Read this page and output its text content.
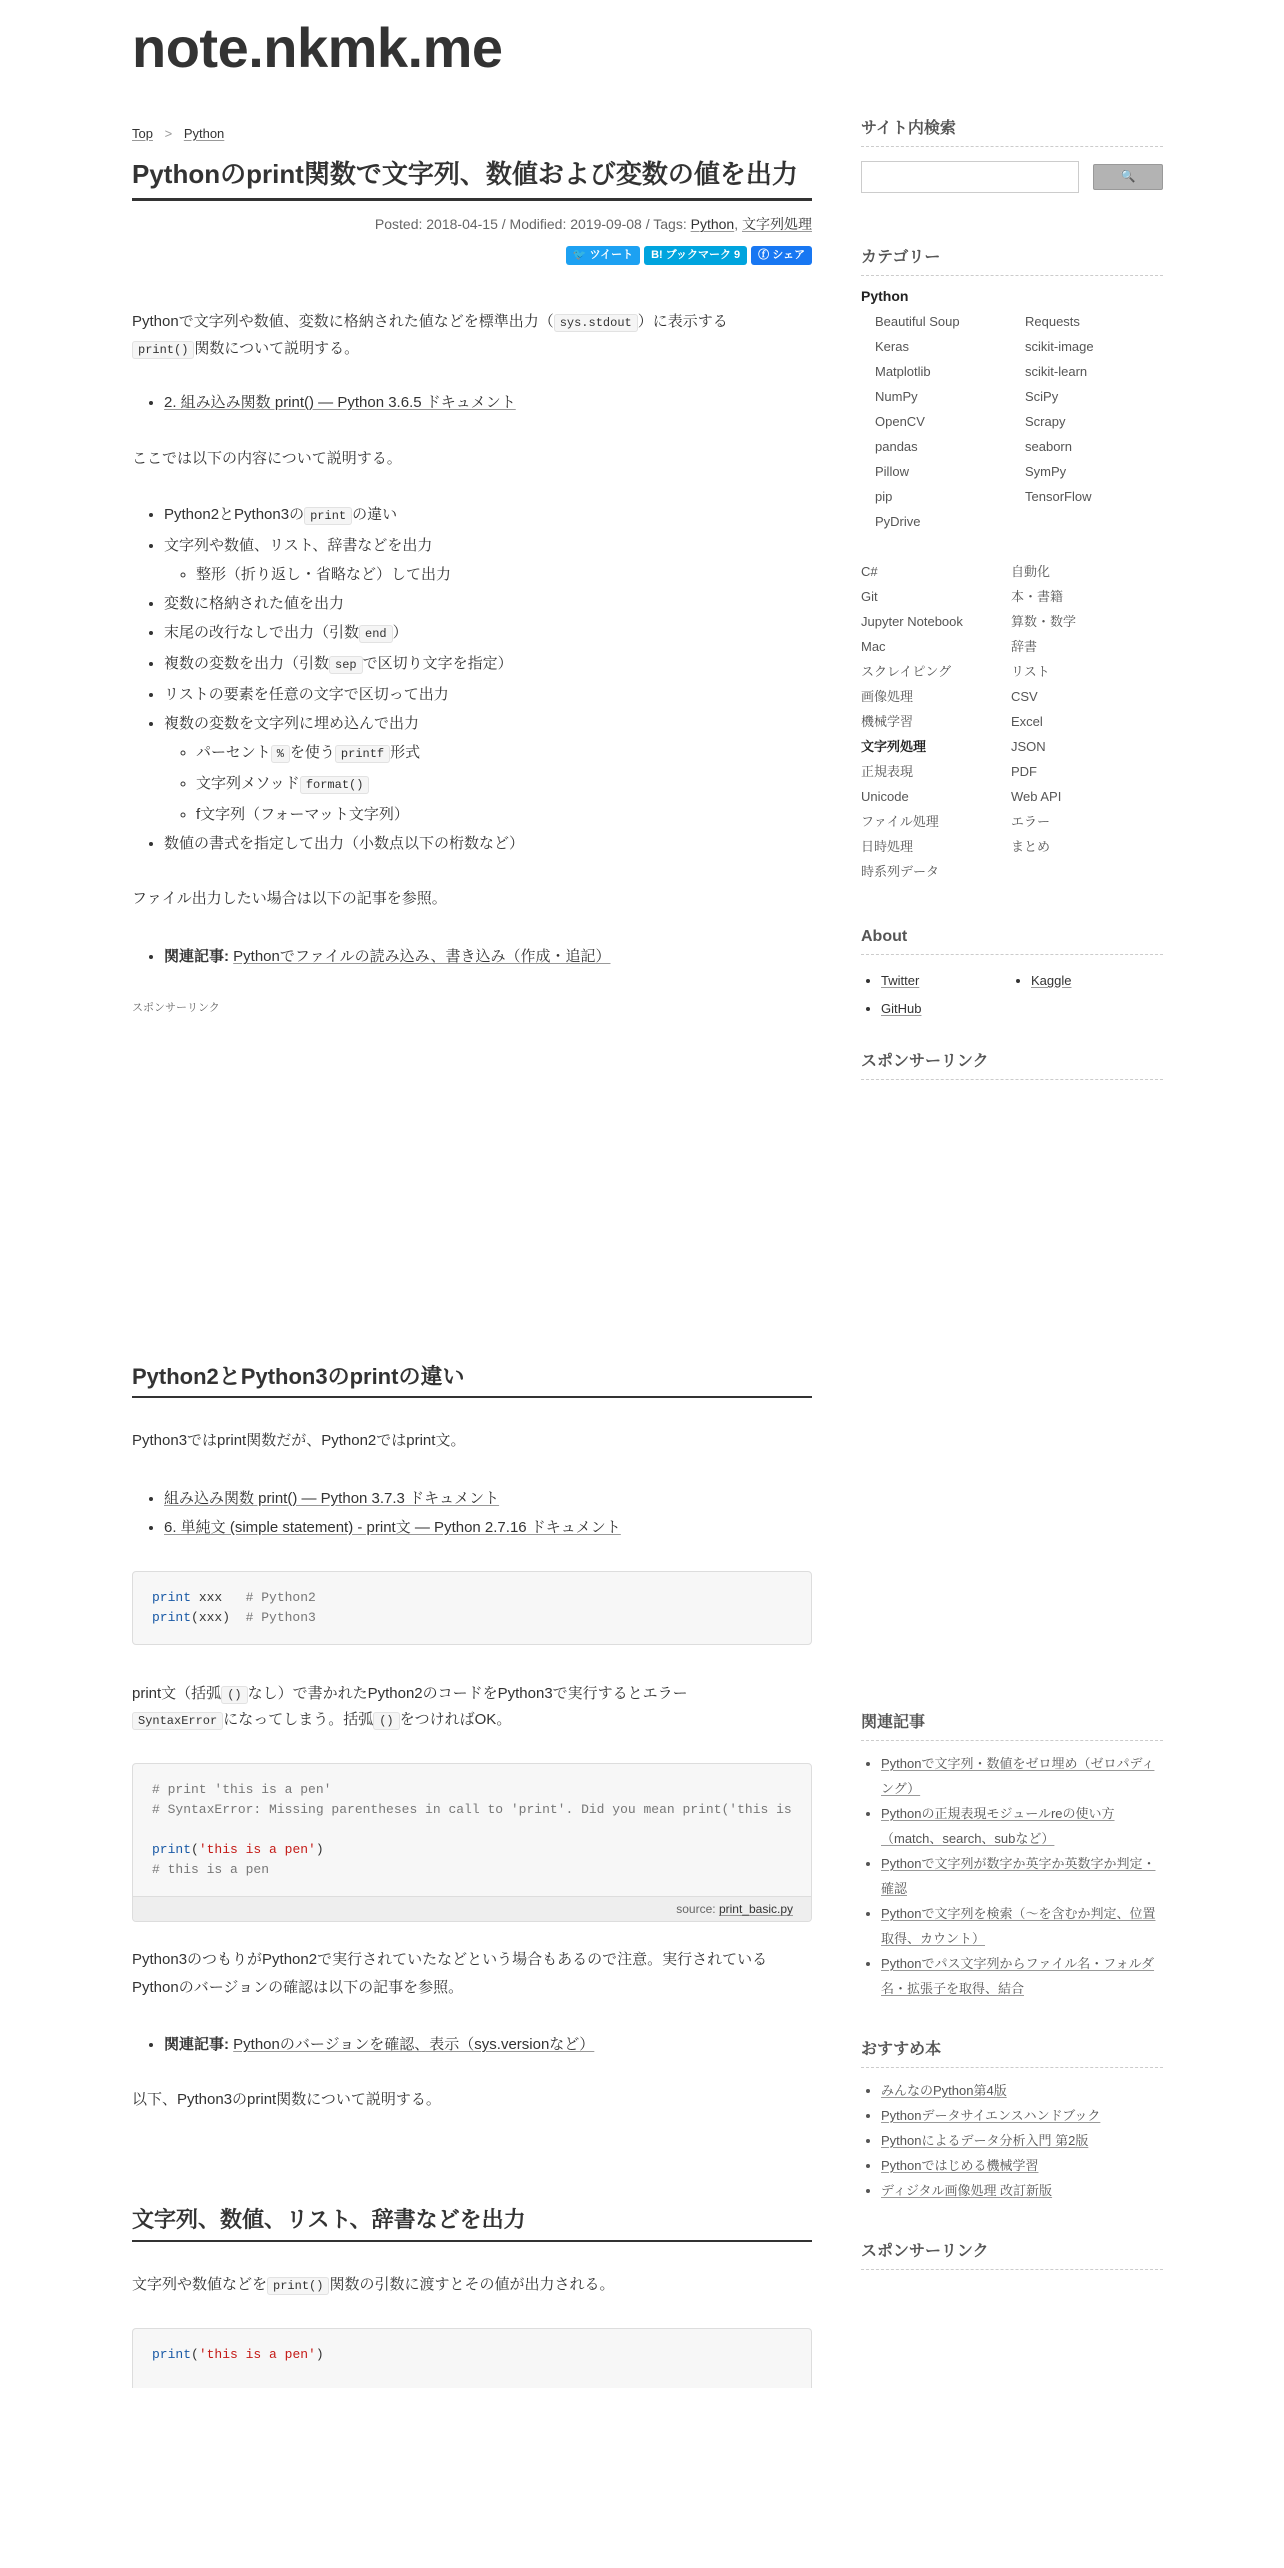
note.nkmk.me
Top > Python
Pythonのprint関数で文字列、数値および変数の値を出力
Posted: 2018-04-15 / Modified: 2019-09-08 / Tags: Python, 文字列処理
🐦 ツイート B! ブックマーク 9 ⓕ シェア

Pythonで文字列や数値、変数に格納された値などを標準出力（ sys.stdout ）に表示する
print() 関数について説明する。

• 2. 組み込み関数 print() — Python 3.6.5 ドキュメント

ここでは以下の内容について説明する。

• Python2とPython3の print の違い
• 文字列や数値、リスト、辞書などを出力
◦ 整形（折り返し・省略など）して出力
• 変数に格納された値を出力
• 末尾の改行なしで出力（引数 end ）
• 複数の変数を出力（引数 sep で区切り文字を指定）
• リストの要素を任意の文字で区切って出力
• 複数の変数を文字列に埋め込んで出力
◦ パーセント % を使う printf 形式
◦ 文字列メソッド format()
◦ f文字列（フォーマット文字列）
• 数値の書式を指定して出力（小数点以下の桁数など）

ファイル出力したい場合は以下の記事を参照。

• 関連記事: Pythonでファイルの読み込み、書き込み（作成・追記）
スポンサーリンク
Python2とPython3のprintの違い

Python3ではprint関数だが、Python2ではprint文。

• 組み込み関数 print() — Python 3.7.3 ドキュメント
• 6. 単純文 (simple statement) - print文 — Python 2.7.16 ドキュメント
print xxx   # Python2
print(xxx)  # Python3

print文（括弧 () なし）で書かれたPython2のコードをPython3で実行するとエラー
SyntaxError になってしまう。括弧 () をつければOK。

# print 'this is a pen'
# SyntaxError: Missing parentheses in call to 'print'. Did you mean print('this is

print('this is a pen')
# this is a pen
source: print_basic.py

Python3のつもりがPython2で実行されていたなどという場合もあるので注意。実行されているPythonのバージョンの確認は以下の記事を参照。

• 関連記事: Pythonのバージョンを確認、表示（sys.versionなど）

以下、Python3のprint関数について説明する。

文字列、数値、リスト、辞書などを出力

文字列や数値などを print() 関数の引数に渡すとその値が出力される。

print('this is a pen')
サイト内検索
🔍
カテゴリー
Python
Beautiful Soup	Requests
Keras	scikit-image
Matplotlib	scikit-learn
NumPy	SciPy
OpenCV	Scrapy
pandas	seaborn
Pillow	SymPy
pip	TensorFlow
PyDrive
C#	自動化
Git	本・書籍
Jupyter Notebook	算数・数学
Mac	辞書
スクレイピング	リスト
画像処理	CSV
機械学習	Excel
文字列処理	JSON
正規表現	PDF
Unicode	Web API
ファイル処理	エラー
日時処理	まとめ
時系列データ
About
• Twitter	• Kaggle
• GitHub
スポンサーリンク
関連記事
• Pythonで文字列・数値をゼロ埋め（ゼロパディング）
• Pythonの正規表現モジュールreの使い方（match、search、subなど）
• Pythonで文字列が数字か英字か英数字か判定・確認
• Pythonで文字列を検索（〜を含むか判定、位置取得、カウント）
• Pythonでパス文字列からファイル名・フォルダ名・拡張子を取得、結合
おすすめ本
• みんなのPython第4版
• Pythonデータサイエンスハンドブック
• Pythonによるデータ分析入門 第2版
• Pythonではじめる機械学習
• ディジタル画像処理 改訂新版
スポンサーリンク
